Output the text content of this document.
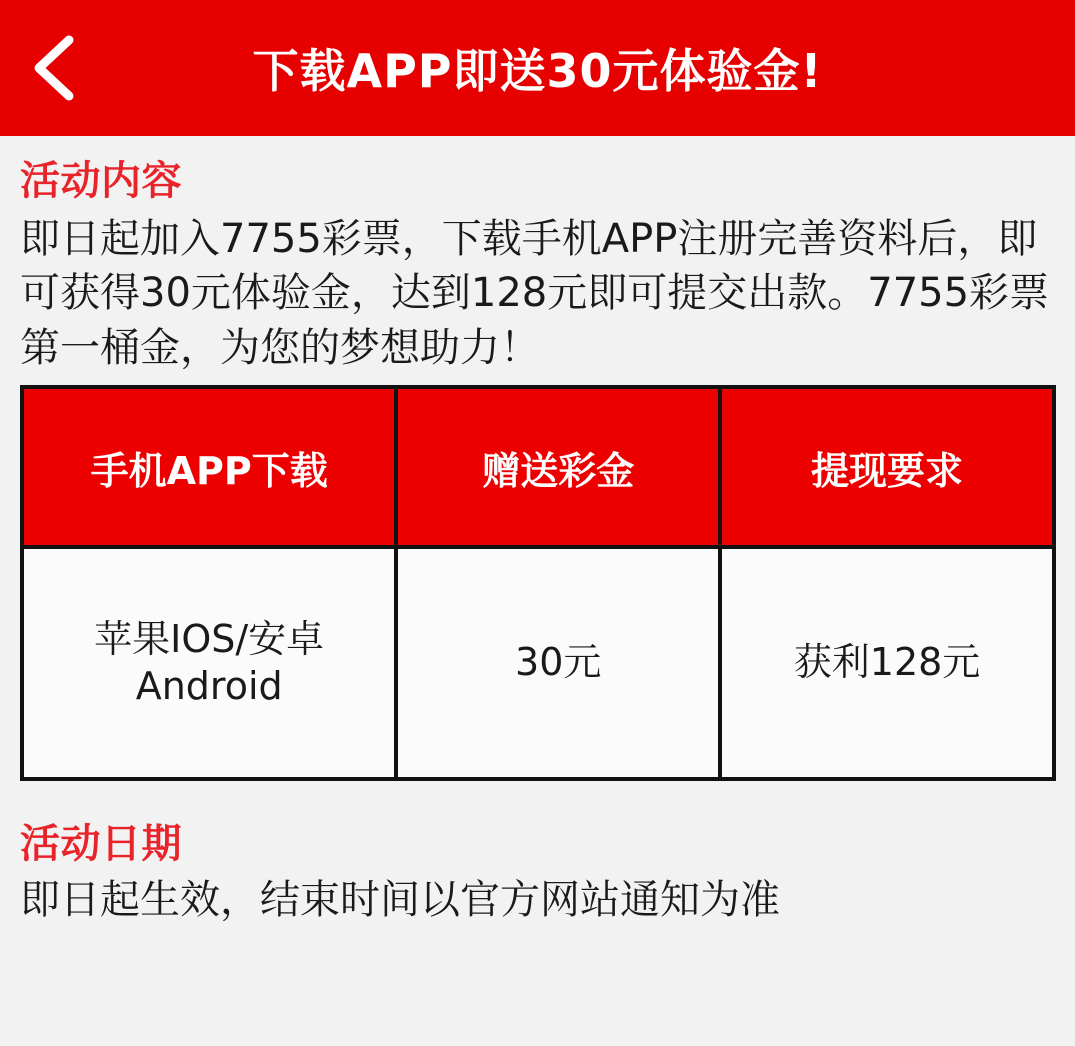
下载APP即送30元体验金!
活动内容
即日起加入7755彩票，下载手机APP注册完善资料后，即可获得30元体验金，达到128元即可提交出款。7755彩票第一桶金，为您的梦想助力！
手机APP下载	赠送彩金	提现要求
苹果IOS/安卓Android	30元	获利128元
活动日期
即日起生效，结束时间以官方网站通知为准
